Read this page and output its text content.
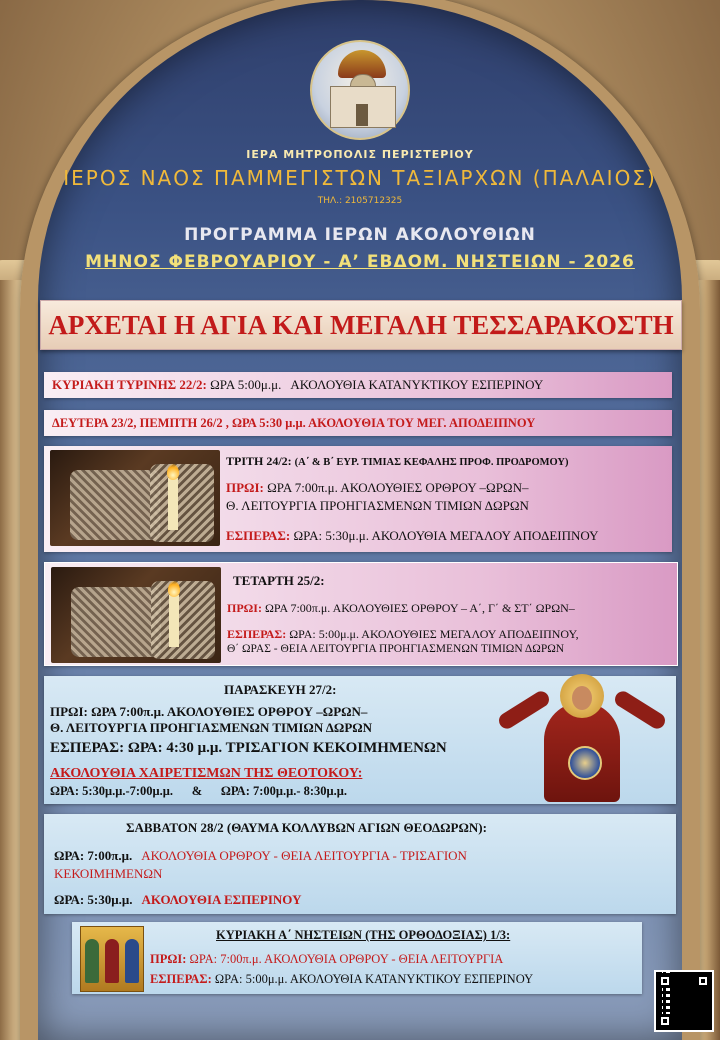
ΙΕΡΑ ΜΗΤΡΟΠΟΛΙΣ ΠΕΡΙΣΤΕΡΙΟΥ
ΙΕΡΟΣ ΝΑΟΣ ΠΑΜΜΕΓΙΣΤΩΝ ΤΑΞΙΑΡΧΩΝ (ΠΑΛΑΙΟΣ)
ΤΗΛ.: 2105712325
ΠΡΟΓΡΑΜΜΑ ΙΕΡΩΝ ΑΚΟΛΟΥΘΙΩΝ
ΜΗΝΟΣ ΦΕΒΡΟΥΑΡΙΟΥ - Α’ ΕΒΔΟΜ. ΝΗΣΤΕΙΩΝ - 2026
ΑΡΧΕΤΑΙ Η ΑΓΙΑ ΚΑΙ ΜΕΓΑΛΗ ΤΕΣΣΑΡΑΚΟΣΤΗ
ΚΥΡΙΑΚΗ ΤΥΡΙΝΗΣ 22/2: ΩΡΑ 5:00μ.μ.   ΑΚΟΛΟΥΘΙΑ ΚΑΤΑΝΥΚΤΙΚΟΥ ΕΣΠΕΡΙΝΟΥ
ΔΕΥΤΕΡΑ 23/2, ΠΕΜΠΤΗ 26/2 , ΩΡΑ 5:30 μ.μ. ΑΚΟΛΟΥΘΙΑ ΤΟΥ ΜΕΓ. ΑΠΟΔΕΙΠΝΟΥ
ΤΡΙΤΗ 24/2: (Α΄ & Β΄ ΕΥΡ. ΤΙΜΙΑΣ ΚΕΦΑΛΗΣ ΠΡΟΦ. ΠΡΟΔΡΟΜΟΥ)
ΠΡΩΙ: ΩΡΑ 7:00π.μ. ΑΚΟΛΟΥΘΙΕΣ ΟΡΘΡΟΥ –ΩΡΩΝ–
Θ. ΛΕΙΤΟΥΡΓΙΑ ΠΡΟΗΓΙΑΣΜΕΝΩΝ ΤΙΜΙΩΝ ΔΩΡΩΝ
ΕΣΠΕΡΑΣ: ΩΡΑ: 5:30μ.μ. ΑΚΟΛΟΥΘΙΑ ΜΕΓΑΛΟΥ ΑΠΟΔΕΙΠΝΟΥ
ΤΕΤΑΡΤΗ 25/2:
ΠΡΩΙ: ΩΡΑ 7:00π.μ. ΑΚΟΛΟΥΘΙΕΣ ΟΡΘΡΟΥ – Α΄, Γ΄ & ΣΤ΄ ΩΡΩΝ–
ΕΣΠΕΡΑΣ: ΩΡΑ: 5:00μ.μ. ΑΚΟΛΟΥΘΙΕΣ ΜΕΓΑΛΟΥ ΑΠΟΔΕΙΠΝΟΥ,
Θ΄ ΩΡΑΣ - ΘΕΙΑ ΛΕΙΤΟΥΡΓΙΑ ΠΡΟΗΓΙΑΣΜΕΝΩΝ ΤΙΜΙΩΝ ΔΩΡΩΝ
ΠΑΡΑΣΚΕΥΗ 27/2:
ΠΡΩΙ: ΩΡΑ 7:00π.μ. ΑΚΟΛΟΥΘΙΕΣ ΟΡΘΡΟΥ –ΩΡΩΝ–
Θ. ΛΕΙΤΟΥΡΓΙΑ ΠΡΟΗΓΙΑΣΜΕΝΩΝ ΤΙΜΙΩΝ ΔΩΡΩΝ
ΕΣΠΕΡΑΣ: ΩΡΑ: 4:30 μ.μ. ΤΡΙΣΑΓΙΟΝ ΚΕΚΟΙΜΗΜΕΝΩΝ
ΑΚΟΛΟΥΘΙΑ ΧΑΙΡΕΤΙΣΜΩΝ ΤΗΣ ΘΕΟΤΟΚΟΥ:
ΩΡΑ: 5:30μ.μ.-7:00μ.μ.      &      ΩΡΑ: 7:00μ.μ.- 8:30μ.μ.
ΣΑΒΒΑΤΟΝ 28/2 (ΘΑΥΜΑ ΚΟΛΛΥΒΩΝ ΑΓΙΩΝ ΘΕΟΔΩΡΩΝ):
ΩΡΑ: 7:00π.μ.   ΑΚΟΛΟΥΘΙΑ ΟΡΘΡΟΥ - ΘΕΙΑ ΛΕΙΤΟΥΡΓΙΑ - ΤΡΙΣΑΓΙΟΝ
ΚΕΚΟΙΜΗΜΕΝΩΝ
ΩΡΑ: 5:30μ.μ.   ΑΚΟΛΟΥΘΙΑ ΕΣΠΕΡΙΝΟΥ
ΚΥΡΙΑΚΗ Α΄ ΝΗΣΤΕΙΩΝ (ΤΗΣ ΟΡΘΟΔΟΞΙΑΣ) 1/3:
ΠΡΩΙ: ΩΡΑ: 7:00π.μ. ΑΚΟΛΟΥΘΙΑ ΟΡΘΡΟΥ - ΘΕΙΑ ΛΕΙΤΟΥΡΓΙΑ
ΕΣΠΕΡΑΣ: ΩΡΑ: 5:00μ.μ. ΑΚΟΛΟΥΘΙΑ ΚΑΤΑΝΥΚΤΙΚΟΥ ΕΣΠΕΡΙΝΟΥ
